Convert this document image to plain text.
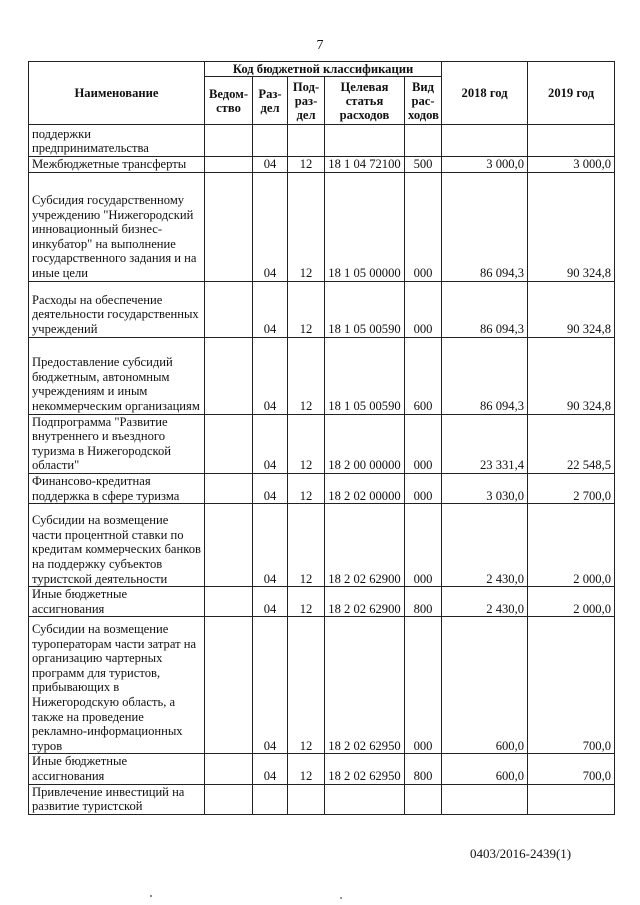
7
Наименование	Код бюджетной классификации					2018 год	2019 год
	Ведом-ство	Раз-дел	Под-раз-дел	Целевая статья расходов	Вид рас-ходов		
поддержки предпринимательства							
Межбюджетные трансферты		04	12	18 1 04 72100	500	3 000,0	3 000,0
Субсидия государственному учреждению "Нижегородский инновационный бизнес-инкубатор" на выполнение государственного задания и на иные цели		04	12	18 1 05 00000	000	86 094,3	90 324,8
Расходы на обеспечение деятельности государственных учреждений		04	12	18 1 05 00590	000	86 094,3	90 324,8
Предоставление субсидий бюджетным, автономным учреждениям и иным некоммерческим организациям		04	12	18 1 05 00590	600	86 094,3	90 324,8
Подпрограмма "Развитие внутреннего и въездного туризма в Нижегородской области"		04	12	18 2 00 00000	000	23 331,4	22 548,5
Финансово-кредитная поддержка в сфере туризма		04	12	18 2 02 00000	000	3 030,0	2 700,0
Субсидии на возмещение части процентной ставки по кредитам коммерческих банков на поддержку субъектов туристской деятельности		04	12	18 2 02 62900	000	2 430,0	2 000,0
Иные бюджетные ассигнования		04	12	18 2 02 62900	800	2 430,0	2 000,0
Субсидии на возмещение туроператорам части затрат на организацию чартерных программ для туристов, прибывающих в Нижегородскую область, а также на проведение рекламно-информационных туров		04	12	18 2 02 62950	000	600,0	700,0
Иные бюджетные ассигнования		04	12	18 2 02 62950	800	600,0	700,0
Привлечение инвестиций на развитие туристской							
0403/2016-2439(1)
